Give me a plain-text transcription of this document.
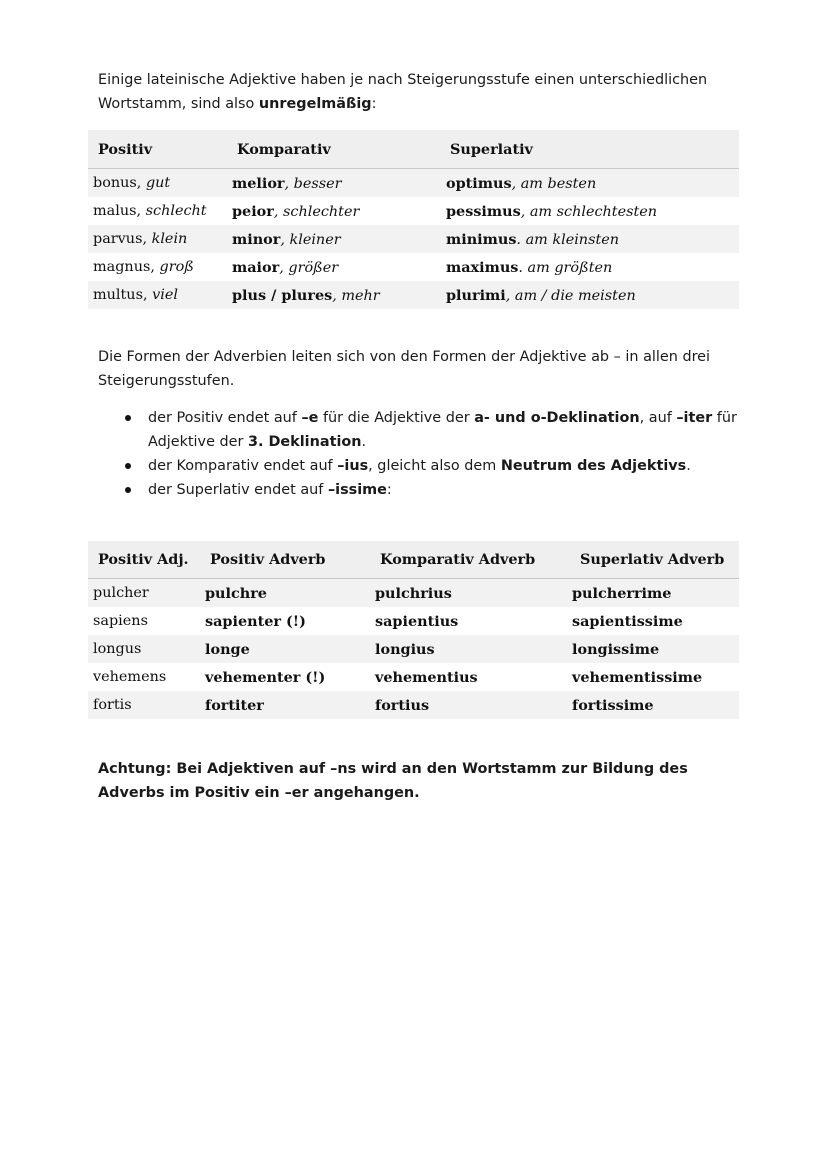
Einige lateinische Adjektive haben je nach Steigerungsstufe einen unterschiedlichen Wortstamm, sind also unregelmäßig:

Positiv	Komparativ	Superlativ
bonus, gut	melior, besser	optimus, am besten
malus, schlecht	peior, schlechter	pessimus, am schlechtesten
parvus, klein	minor, kleiner	minimus. am kleinsten
magnus, groß	maior, größer	maximus. am größten
multus, viel	plus / plures, mehr	plurimi, am / die meisten

Die Formen der Adverbien leiten sich von den Formen der Adjektive ab – in allen drei Steigerungsstufen.

der Positiv endet auf –e für die Adjektive der a- und o-Deklination, auf –iter für Adjektive der 3. Deklination.
der Komparativ endet auf –ius, gleicht also dem Neutrum des Adjektivs.
der Superlativ endet auf –issime:
Positiv Adj.	Positiv Adverb	Komparativ Adverb	Superlativ Adverb
pulcher	pulchre	pulchrius	pulcherrime
sapiens	sapienter (!)	sapientius	sapientissime
longus	longe	longius	longissime
vehemens	vehementer (!)	vehementius	vehementissime
fortis	fortiter	fortius	fortissime

Achtung: Bei Adjektiven auf –ns wird an den Wortstamm zur Bildung des Adverbs im Positiv ein –er angehangen.
